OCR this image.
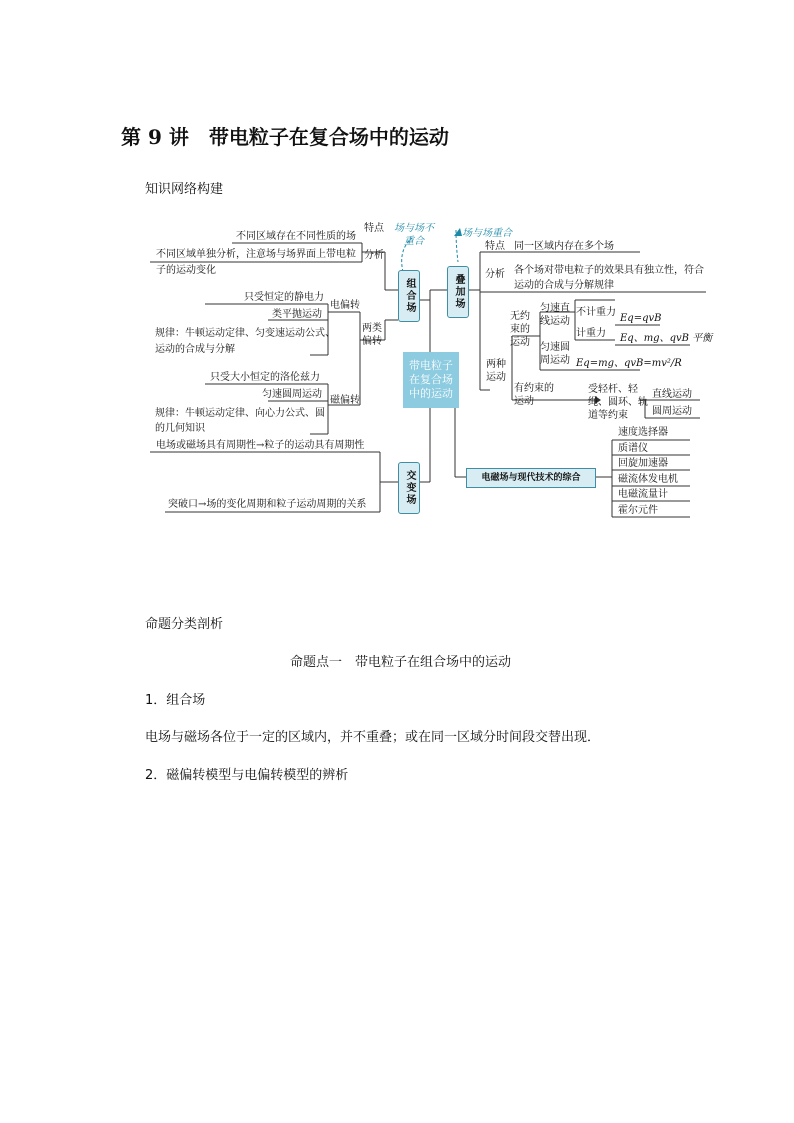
第 9 讲　带电粒子在复合场中的运动
知识网络构建
场与场不重合
场与场重合
带电粒子在复合场中的运动
组合场
交变场
叠加场
不同区域存在不同性质的场
特点
不同区域单独分析，注意场与场界面上带电粒
子的运动变化
分析
只受恒定的静电力
电偏转
类平抛运动
规律：牛顿运动定律、匀变速运动公式、
运动的合成与分解
两类偏转
只受大小恒定的洛伦兹力
磁偏转
匀速圆周运动
规律：牛顿运动定律、向心力公式、圆
的几何知识
电场或磁场具有周期性→粒子的运动具有周期性
突破口→场的变化周期和粒子运动周期的关系
特点 同一区域内存在多个场
分析 各个场对带电粒子的效果具有独立性，符合
运动的合成与分解规律
无约束的运动
匀速直线运动
不计重力
Eq=qvB
计重力 Eq、mg、qvB 平衡
匀速圆周运动 Eq=mg、qvB=mv²/R
两种运动
有约束的运动
受轻杆、轻绳、圆环、轨道等约束
直线运动
圆周运动
电磁场与现代技术的综合
速度选择器
质谱仪
回旋加速器
磁流体发电机
电磁流量计
霍尔元件
命题分类剖析
命题点一　带电粒子在组合场中的运动
1．组合场
电场与磁场各位于一定的区域内，并不重叠；或在同一区域分时间段交替出现．
2．磁偏转模型与电偏转模型的辨析
